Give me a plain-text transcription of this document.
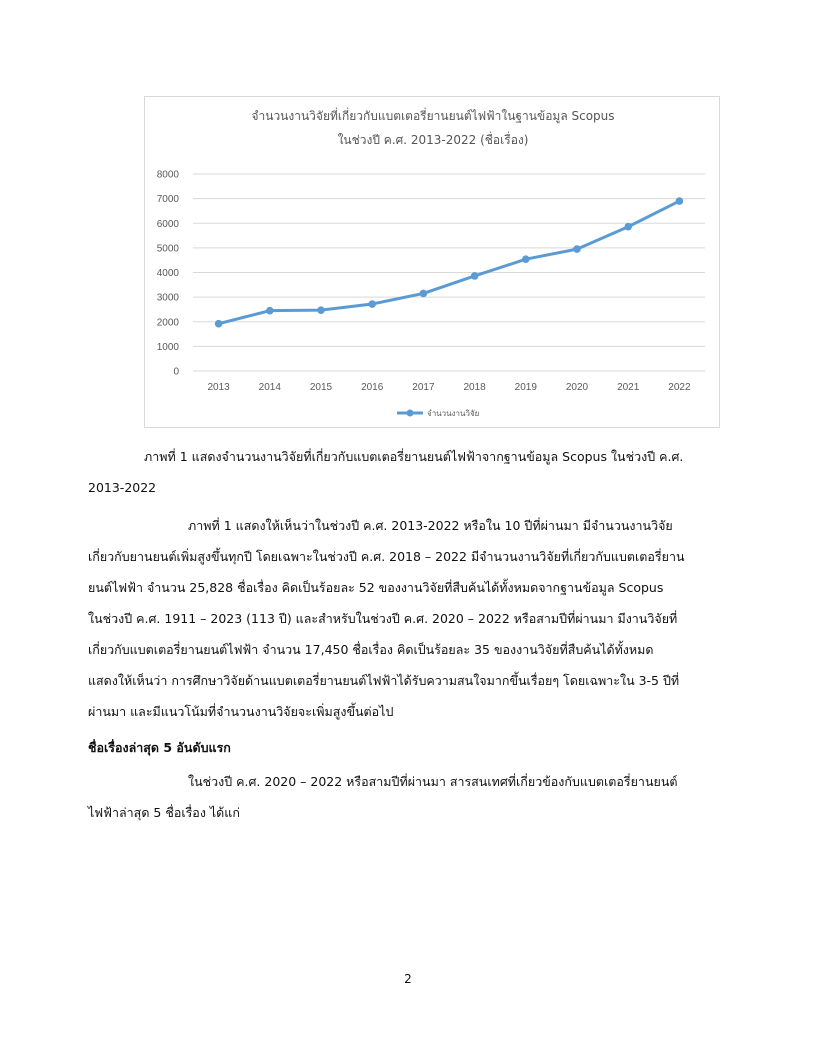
จำนวนงานวิจัยที่เกี่ยวกับแบตเตอรี่ยานยนต์ไฟฟ้าในฐานข้อมูล Scopus
ในช่วงปี ค.ศ. 2013-2022 (ชื่อเรื่อง)
0
1000
2000
3000
4000
5000
6000
7000
8000
2013	2014	2015	2016	2017	2018	2019	2020	2021	2022
จำนวนงานวิจัย
ภาพที่ 1 แสดงจำนวนงานวิจัยที่เกี่ยวกับแบตเตอรี่ยานยนต์ไฟฟ้าจากฐานข้อมูล Scopus ในช่วงปี ค.ศ.
2013-2022
ภาพที่ 1 แสดงให้เห็นว่าในช่วงปี ค.ศ. 2013-2022 หรือใน 10 ปีที่ผ่านมา มีจำนวนงานวิจัย
เกี่ยวกับยานยนต์เพิ่มสูงขึ้นทุกปี โดยเฉพาะในช่วงปี ค.ศ. 2018 – 2022 มีจำนวนงานวิจัยที่เกี่ยวกับแบตเตอรี่ยาน
ยนต์ไฟฟ้า จำนวน 25,828 ชื่อเรื่อง คิดเป็นร้อยละ 52 ของงานวิจัยที่สืบค้นได้ทั้งหมดจากฐานข้อมูล Scopus
ในช่วงปี ค.ศ. 1911 – 2023 (113 ปี) และสำหรับในช่วงปี ค.ศ. 2020 – 2022 หรือสามปีที่ผ่านมา มีงานวิจัยที่
เกี่ยวกับแบตเตอรี่ยานยนต์ไฟฟ้า จำนวน 17,450 ชื่อเรื่อง คิดเป็นร้อยละ 35 ของงานวิจัยที่สืบค้นได้ทั้งหมด
แสดงให้เห็นว่า การศึกษาวิจัยด้านแบตเตอรี่ยานยนต์ไฟฟ้าได้รับความสนใจมากขึ้นเรื่อยๆ โดยเฉพาะใน 3-5 ปีที่
ผ่านมา และมีแนวโน้มที่จำนวนงานวิจัยจะเพิ่มสูงขึ้นต่อไป
ชื่อเรื่องล่าสุด 5 อันดับแรก
ในช่วงปี ค.ศ. 2020 – 2022 หรือสามปีที่ผ่านมา สารสนเทศที่เกี่ยวข้องกับแบตเตอรี่ยานยนต์
ไฟฟ้าล่าสุด 5 ชื่อเรื่อง ได้แก่
2
